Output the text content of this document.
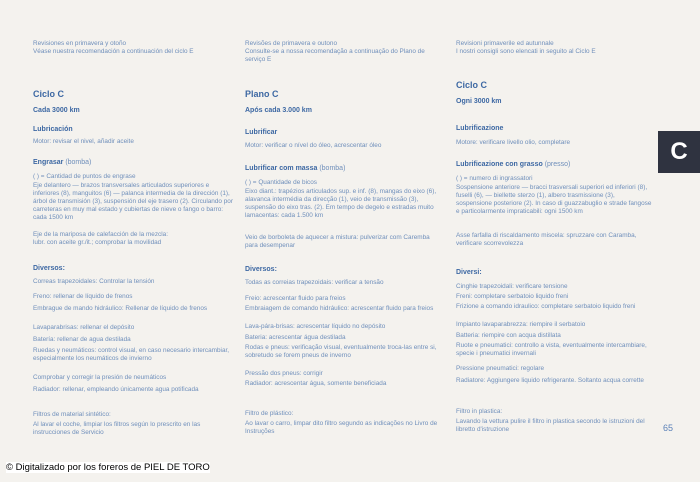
Revisiones en primavera y otoño
Véase nuestra recomendación a continuación del ciclo E
Ciclo C
Cada 3000 km
Lubricación
Motor: revisar el nivel, añadir aceite
Engrasar (bomba)
( ) = Cantidad de puntos de engrase
Eje delantero — brazos transversales articulados superiores e inferiores (8), manguitos (6) — palanca intermedia de la dirección (1), árbol de transmisión (3), suspensión del eje trasero (2). Circulando por carreteras en muy mal estado y cubiertas de nieve o fango o barro: cada 1500 km
Eje de la mariposa de calefacción de la mezcla:
lubr. con aceite gr./it.; comprobar la movilidad
Diversos:
Correas trapezoidales: Controlar la tensión
Freno: rellenar de líquido de frenos
Embrague de mando hidráulico: Rellenar de líquido de frenos
Lavaparabrisas: rellenar el depósito
Batería: rellenar de agua destilada
Ruedas y neumáticos: control visual, en caso necesario intercambiar, especialmente los neumáticos de invierno
Comprobar y corregir la presión de neumáticos
Radiador: rellenar, empleando únicamente agua potificada
Filtros de material sintético:
Al lavar el coche, limpiar los filtros según lo prescrito en las instrucciones de Servicio
Revisões de primavera e outono
Consulte-se a nossa recomendação a continuação do Plano de serviço E
Plano C
Após cada 3.000 km
Lubrificar
Motor: verificar o nível do óleo, acrescentar óleo
Lubrificar com massa (bomba)
( ) = Quantidade de bicos
Eixo diant.: trapézios articulados sup. e inf. (8), mangas do eixo (6), alavanca intermédia da direcção (1), veio de transmissão (3), suspensão do eixo tras. (2). Em tempo de degelo e estradas muito lamacentas: cada 1.500 km
Veio de borboleta de aquecer a mistura: pulverizar com Caremba para desempenar
Diversos:
Todas as correias trapezoidais: verificar a tensão
Freio: acrescentar fluido para freios
Embraiagem de comando hidráulico: acrescentar fluido para freios
Lava-pára-brisas: acrescentar líquido no depósito
Bateria: acrescentar água destilada
Rodas e pneus: verificação visual, eventualmente troca-las entre si, sobretudo se forem pneus de inverno
Pressão dos pneus: corrigir
Radiador: acrescentar água, somente beneficiada
Filtro de plástico:
Ao lavar o carro, limpar dito filtro segundo as indicações no Livro de Instruções
Revisioni primaverile ed autunnale
I nostri consigli sono elencati in seguito al Ciclo E
Ciclo C
Ogni 3000 km
Lubrificazione
Motore: verificare livello olio, completare
Lubrificazione con grasso (presso)
( ) = numero di ingrassatori
Sospensione anteriore — bracci trasversali superiori ed inferiori (8), fuselli (6), — biellette sterzo (1), albero trasmissione (3), sospensione posteriore (2). In caso di guazzabuglio e strade fangose e particolarmente impraticabili: ogni 1500 km
Asse farfalla di riscaldamento miscela: spruzzare con Caramba, verificare scorrevolezza
Diversi:
Cinghie trapezoidali: verificare tensione
Freni: completare serbatoio liquido freni
Frizione a comando idraulico: completare serbatoio liquido freni
Impianto lavaparabrezza: riempire il serbatoio
Batteria: riempire con acqua distillata
Ruote e pneumatici: controllo a vista, eventualmente intercambiare, specie i pneumatici invernali
Pressione pneumatici: regolare
Radiatore: Aggiungere liquido refrigerante. Soltanto acqua corrette
Filtro in plastica:
Lavando la vettura pulire il filtro in plastica secondo le istruzioni del libretto d'istruzione
C
65
© Digitalizado por los foreros de PIEL DE TORO
